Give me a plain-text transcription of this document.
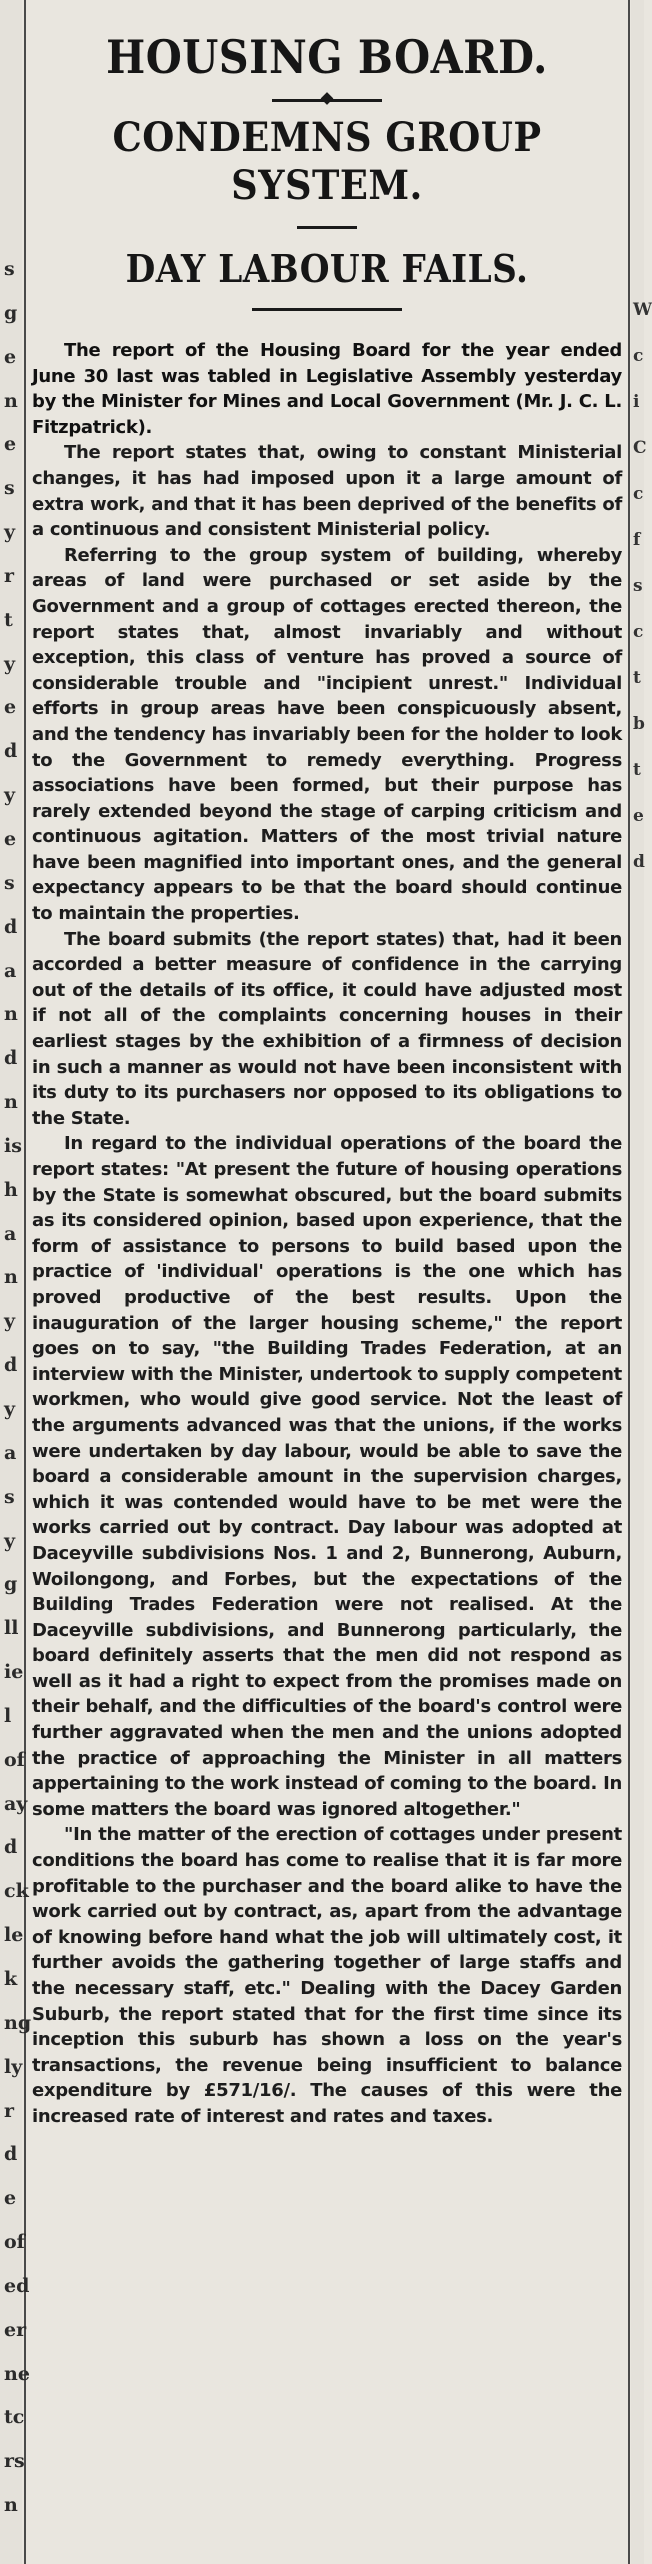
HOUSING BOARD.
CONDEMNS GROUP SYSTEM.
DAY LABOUR FAILS.

The report of the Housing Board for the year ended June 30 last was tabled in Legislative Assembly yesterday by the Minister for Mines and Local Government (Mr. J. C. L. Fitzpatrick).

The report states that, owing to constant Ministerial changes, it has had imposed upon it a large amount of extra work, and that it has been deprived of the benefits of a continuous and consistent Ministerial policy.

Referring to the group system of building, whereby areas of land were purchased or set aside by the Government and a group of cottages erected thereon, the report states that, almost invariably and without exception, this class of venture has proved a source of considerable trouble and "incipient unrest." Individual efforts in group areas have been conspicuously absent, and the tendency has invariably been for the holder to look to the Government to remedy everything. Progress associations have been formed, but their purpose has rarely extended beyond the stage of carping criticism and continuous agitation. Matters of the most trivial nature have been magnified into important ones, and the general expectancy appears to be that the board should continue to maintain the properties.

The board submits (the report states) that, had it been accorded a better measure of confidence in the carrying out of the details of its office, it could have adjusted most if not all of the complaints concerning houses in their earliest stages by the exhibition of a firmness of decision in such a manner as would not have been inconsistent with its duty to its purchasers nor opposed to its obligations to the State.

In regard to the individual operations of the board the report states: "At present the future of housing operations by the State is somewhat obscured, but the board submits as its considered opinion, based upon experience, that the form of assistance to persons to build based upon the practice of 'individual' operations is the one which has proved productive of the best results. Upon the inauguration of the larger housing scheme," the report goes on to say, "the Building Trades Federation, at an interview with the Minister, undertook to supply competent workmen, who would give good service. Not the least of the arguments advanced was that the unions, if the works were undertaken by day labour, would be able to save the board a considerable amount in the supervision charges, which it was contended would have to be met were the works carried out by contract. Day labour was adopted at Daceyville subdivisions Nos. 1 and 2, Bunnerong, Auburn, Woilongong, and Forbes, but the expectations of the Building Trades Federation were not realised. At the Daceyville subdivisions, and Bunnerong particularly, the board definitely asserts that the men did not respond as well as it had a right to expect from the promises made on their behalf, and the difficulties of the board's control were further aggravated when the men and the unions adopted the practice of approaching the Minister in all matters appertaining to the work instead of coming to the board. In some matters the board was ignored altogether."

"In the matter of the erection of cottages under present conditions the board has come to realise that it is far more profitable to the purchaser and the board alike to have the work carried out by contract, as, apart from the advantage of knowing before hand what the job will ultimately cost, it further avoids the gathering together of large staffs and the necessary staff, etc." Dealing with the Dacey Garden Suburb, the report stated that for the first time since its inception this suburb has shown a loss on the year's transactions, the revenue being insufficient to balance expenditure by £571/16/. The causes of this were the increased rate of interest and rates and taxes.

s
g
e
n
e
s
y
r
t
y
e
d
y
e
s
d
a
n
d
n
is
h
a
n
y
d
y
a
s
y
g
ll
ie
l
of
ay
d
ck
le
k
ng
ly
r
d
e
of
ed
er
ne
tc
rs
n
W
c
i
C
c
f
s
c
t
b
t
e
d
